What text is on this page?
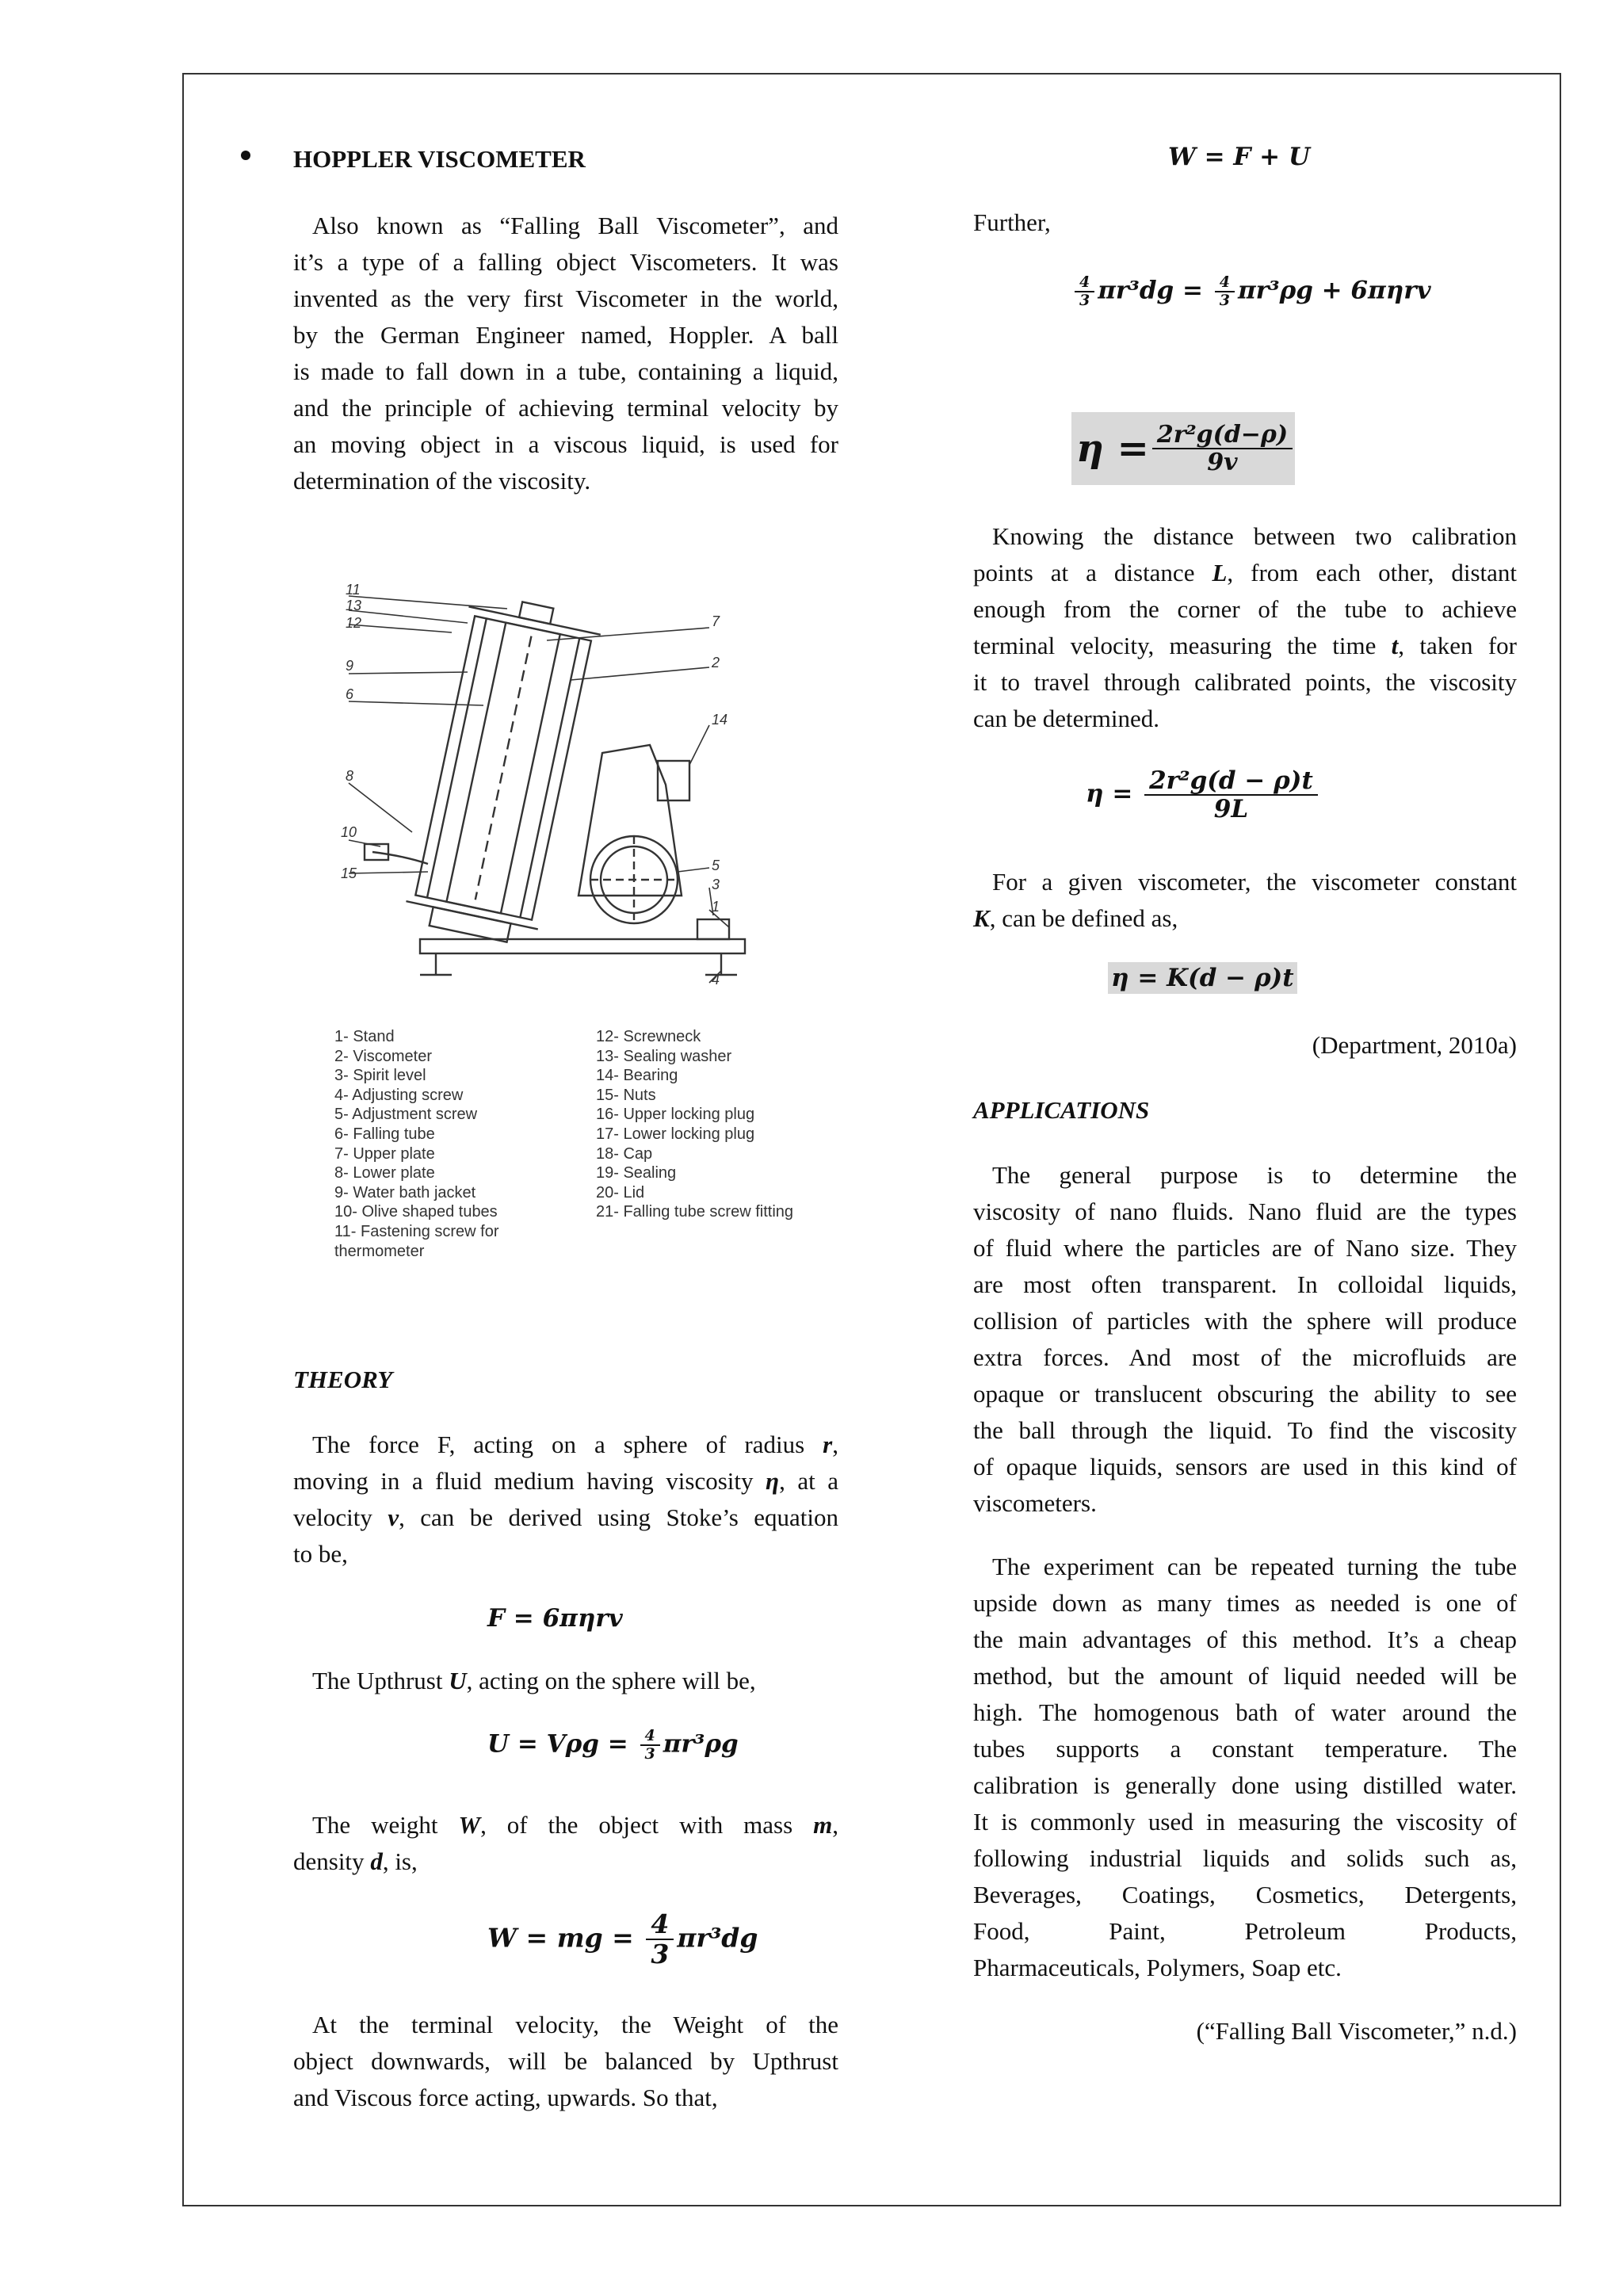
HOPPLER VISCOMETER
Also known as “Falling Ball Viscometer”, and
it’s a type of a falling object Viscometers. It was
invented as the very first Viscometer in the world,
by the German Engineer named, Hoppler. A ball
is made to fall down in a tube, containing a liquid,
and the principle of achieving terminal velocity by
an moving object in a viscous liquid, is used for
determination of the viscosity.
11
13
12
9
6
8
10
15
7
2
14
5
3
1
4
1- Stand
2- Viscometer
3- Spirit level
4- Adjusting screw
5- Adjustment screw
6- Falling tube
7- Upper plate
8- Lower plate
9- Water bath jacket
10- Olive shaped tubes
11- Fastening screw for
thermometer
12- Screwneck
13- Sealing washer
14- Bearing
15- Nuts
16- Upper locking plug
17- Lower locking plug
18- Cap
19- Sealing
20- Lid
21- Falling tube screw fitting
THEORY
The force F, acting on a sphere of radius r,
moving in a fluid medium having viscosity η, at a
velocity v, can be derived using Stoke’s equation
to be,
F = 6πηrv
The Upthrust U, acting on the sphere will be,
$U = V\rho g = \frac{4}{3} \pi r^3\rho g$
The weight W, of the object with mass m,
density d, is,
W = mg = $\frac{4}{3} \pi r^3dg$
At the terminal velocity, the Weight of the
object downwards, will be balanced by Upthrust
and Viscous force acting, upwards. So that,
W = F + U
Further,
$\frac{4}{3} \pi r^3dg = \frac{4}{3} \pi r^3\rho g + 6\pi\eta rv$
$\eta = \frac{\text{2r²g(d−ρ)}}{9v}$
Knowing the distance between two calibration
points at a distance L, from each other, distant
enough from the corner of the tube to achieve
terminal velocity, measuring the time t, taken for
it to travel through calibrated points, the viscosity
can be determined.
$\eta = \frac{\text{2r²g(d − ρ)t}}{9L}$
For a given viscometer, the viscometer constant
K, can be defined as,
η = K(d − ρ)t
(Department, 2010a)
APPLICATIONS
The general purpose is to determine the
viscosity of nano fluids. Nano fluid are the types
of fluid where the particles are of Nano size. They
are most often transparent. In colloidal liquids,
collision of particles with the sphere will produce
extra forces. And most of the microfluids are
opaque or translucent obscuring the ability to see
the ball through the liquid. To find the viscosity
of opaque liquids, sensors are used in this kind of
viscometers.
The experiment can be repeated turning the tube
upside down as many times as needed is one of
the main advantages of this method. It’s a cheap
method, but the amount of liquid needed will be
high. The homogenous bath of water around the
tubes supports a constant temperature. The
calibration is generally done using distilled water.
It is commonly used in measuring the viscosity of
following industrial liquids and solids such as,
Beverages, Coatings, Cosmetics, Detergents,
Food, Paint, Petroleum Products,
Pharmaceuticals, Polymers, Soap etc.
(“Falling Ball Viscometer,” n.d.)
